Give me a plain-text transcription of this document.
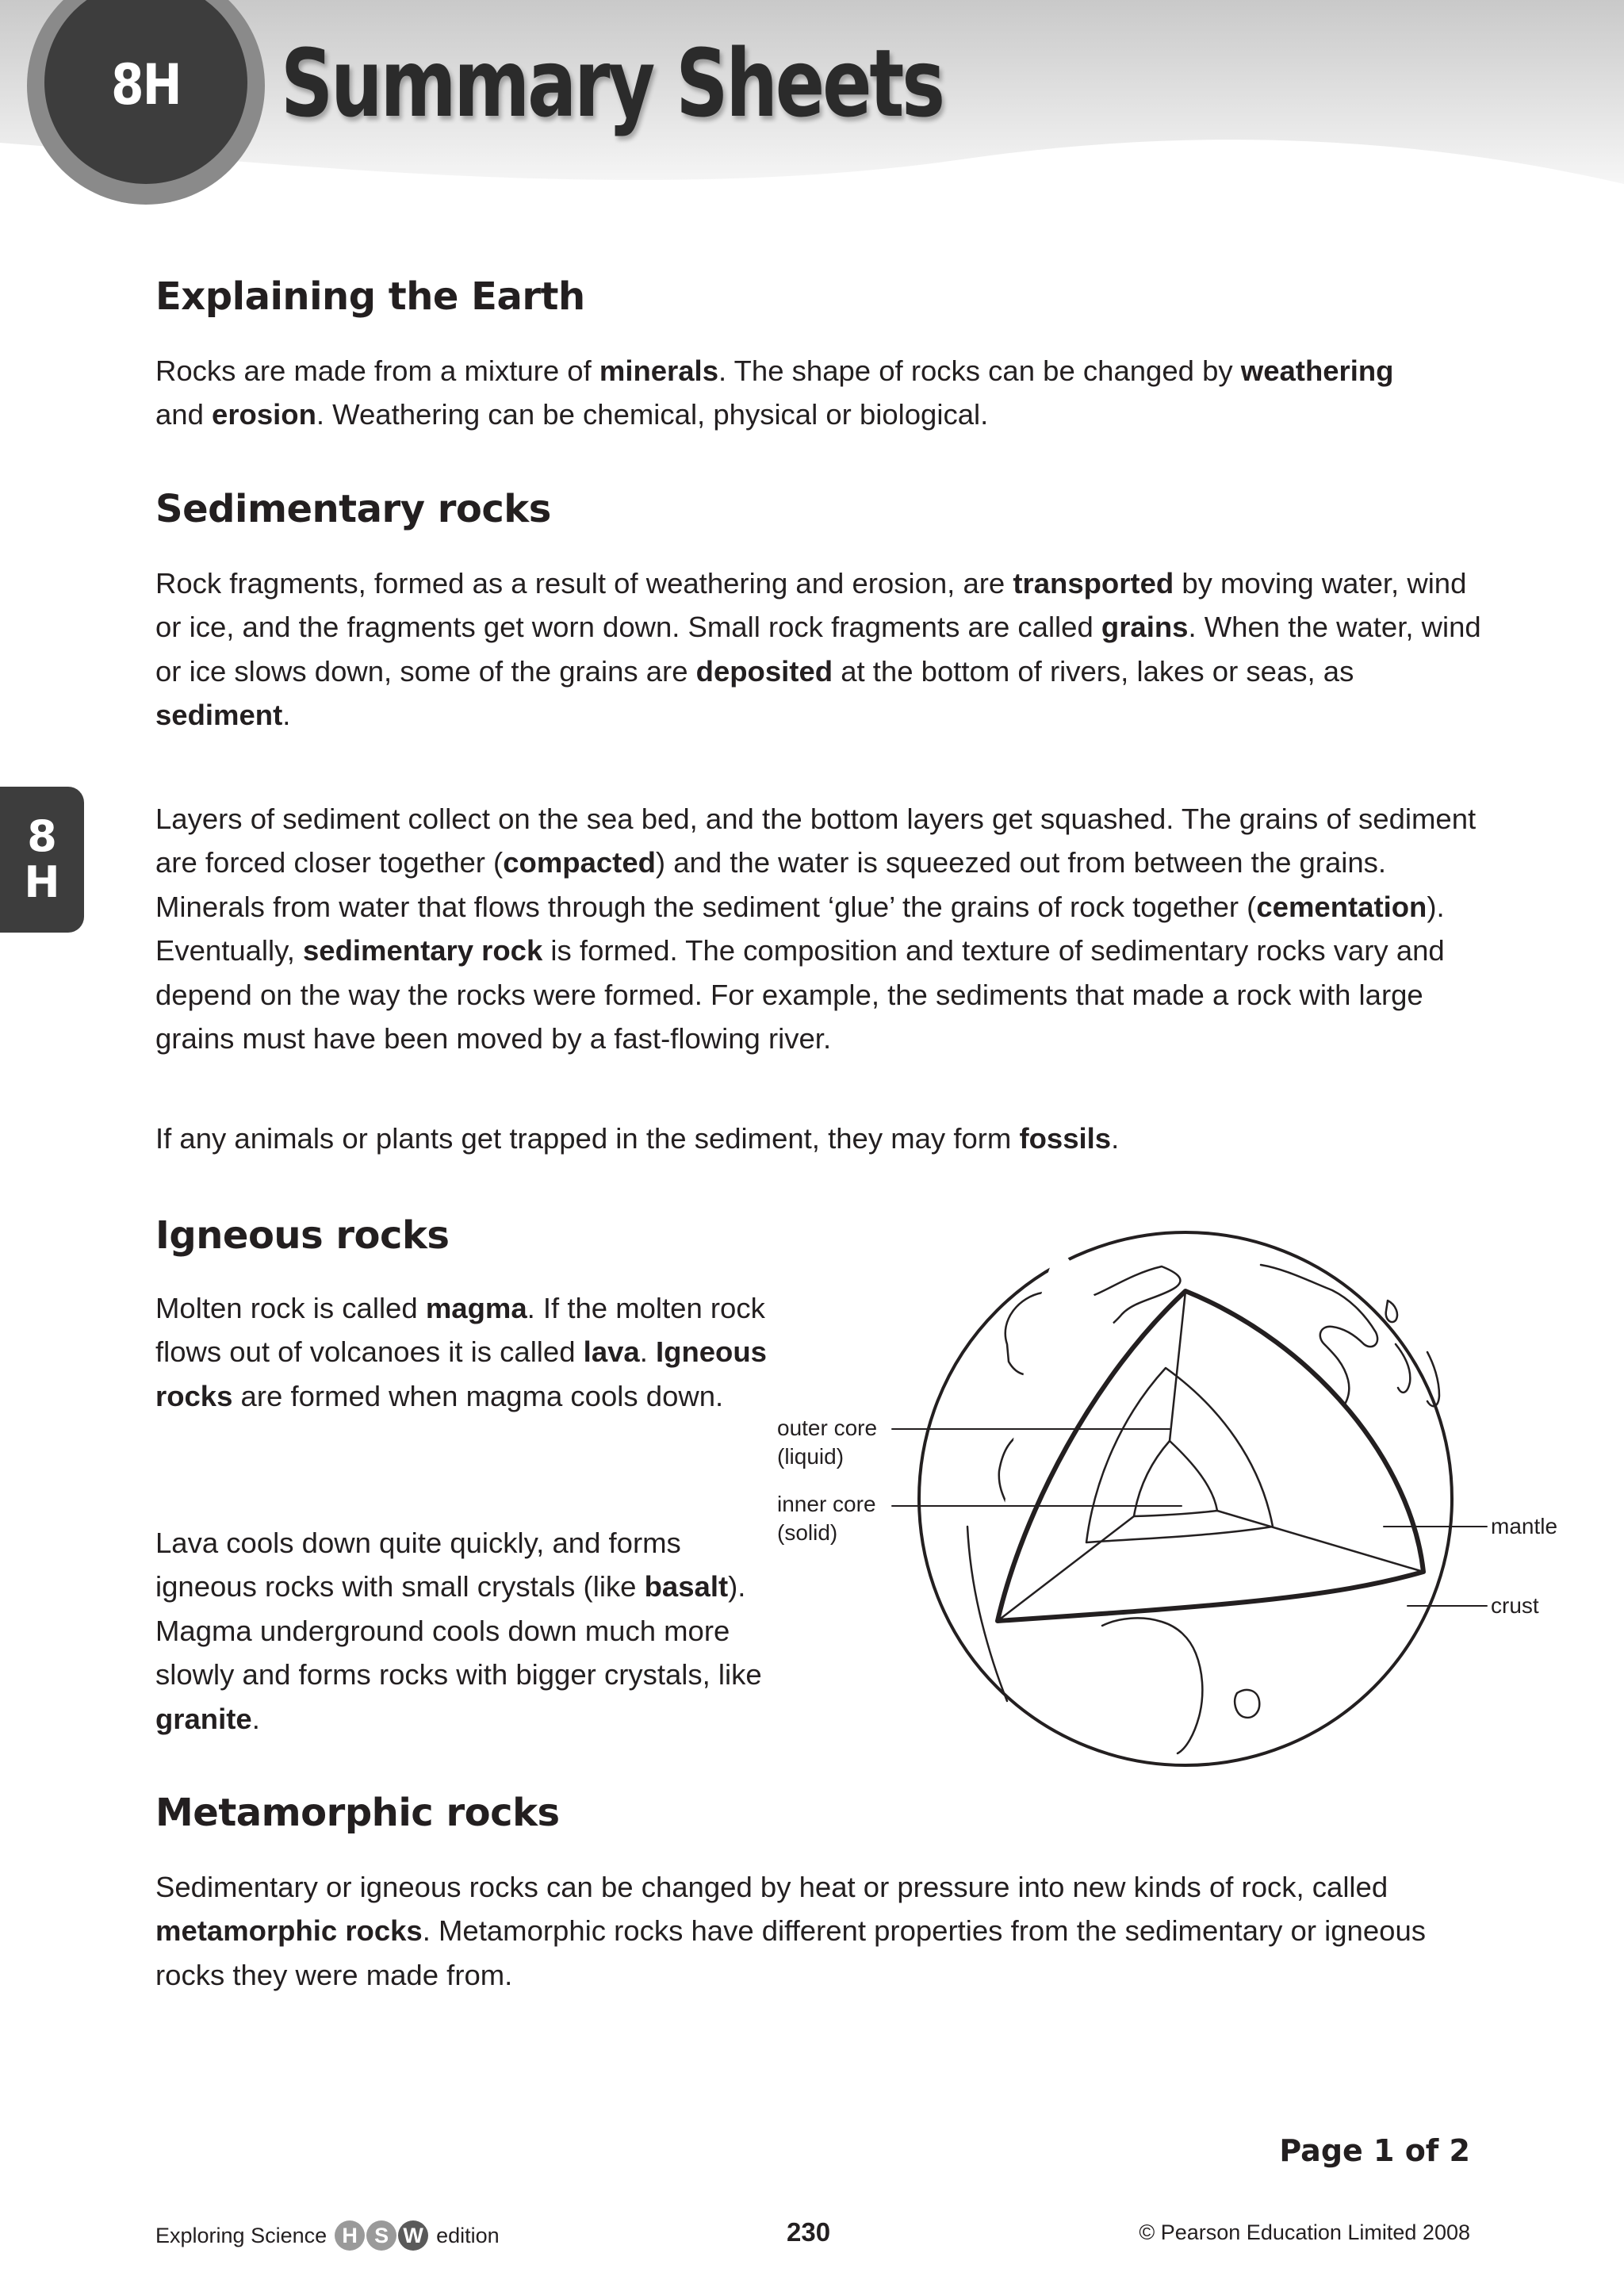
8H	Summary Sheets
8
H
Explaining the Earth

Rocks are made from a mixture of minerals. The shape of rocks can be changed by weathering
and erosion. Weathering can be chemical, physical or biological.

Sedimentary rocks

Rock fragments, formed as a result of weathering and erosion, are transported by moving water, wind or ice, and the fragments get worn down. Small rock fragments are called grains. When the water, wind or ice slows down, some of the grains are deposited at the bottom of rivers, lakes or seas, as sediment.

Layers of sediment collect on the sea bed, and the bottom layers get squashed. The grains of sediment are forced closer together (compacted) and the water is squeezed out from between the grains. Minerals from water that flows through the sediment ‘glue’ the grains of rock together (cementation). Eventually, sedimentary rock is formed. The composition and texture of sedimentary rocks vary and depend on the way the rocks were formed. For example, the sediments that made a rock with large grains must have been moved by a fast-flowing river.

If any animals or plants get trapped in the sediment, they may form fossils.

Igneous rocks

Molten rock is called magma. If the molten rock flows out of volcanoes it is called lava. Igneous rocks are formed when magma cools down.

Lava cools down quite quickly, and forms igneous rocks with small crystals (like basalt). Magma underground cools down much more slowly and forms rocks with bigger crystals, like granite.

Metamorphic rocks

Sedimentary or igneous rocks can be changed by heat or pressure into new kinds of rock, called metamorphic rocks. Metamorphic rocks have different properties from the sedimentary or igneous rocks they were made from.

outer core
(liquid)
inner core
(solid)	mantle
crust
Page 1 of 2
Exploring Science H S W edition	230	© Pearson Education Limited 2008
